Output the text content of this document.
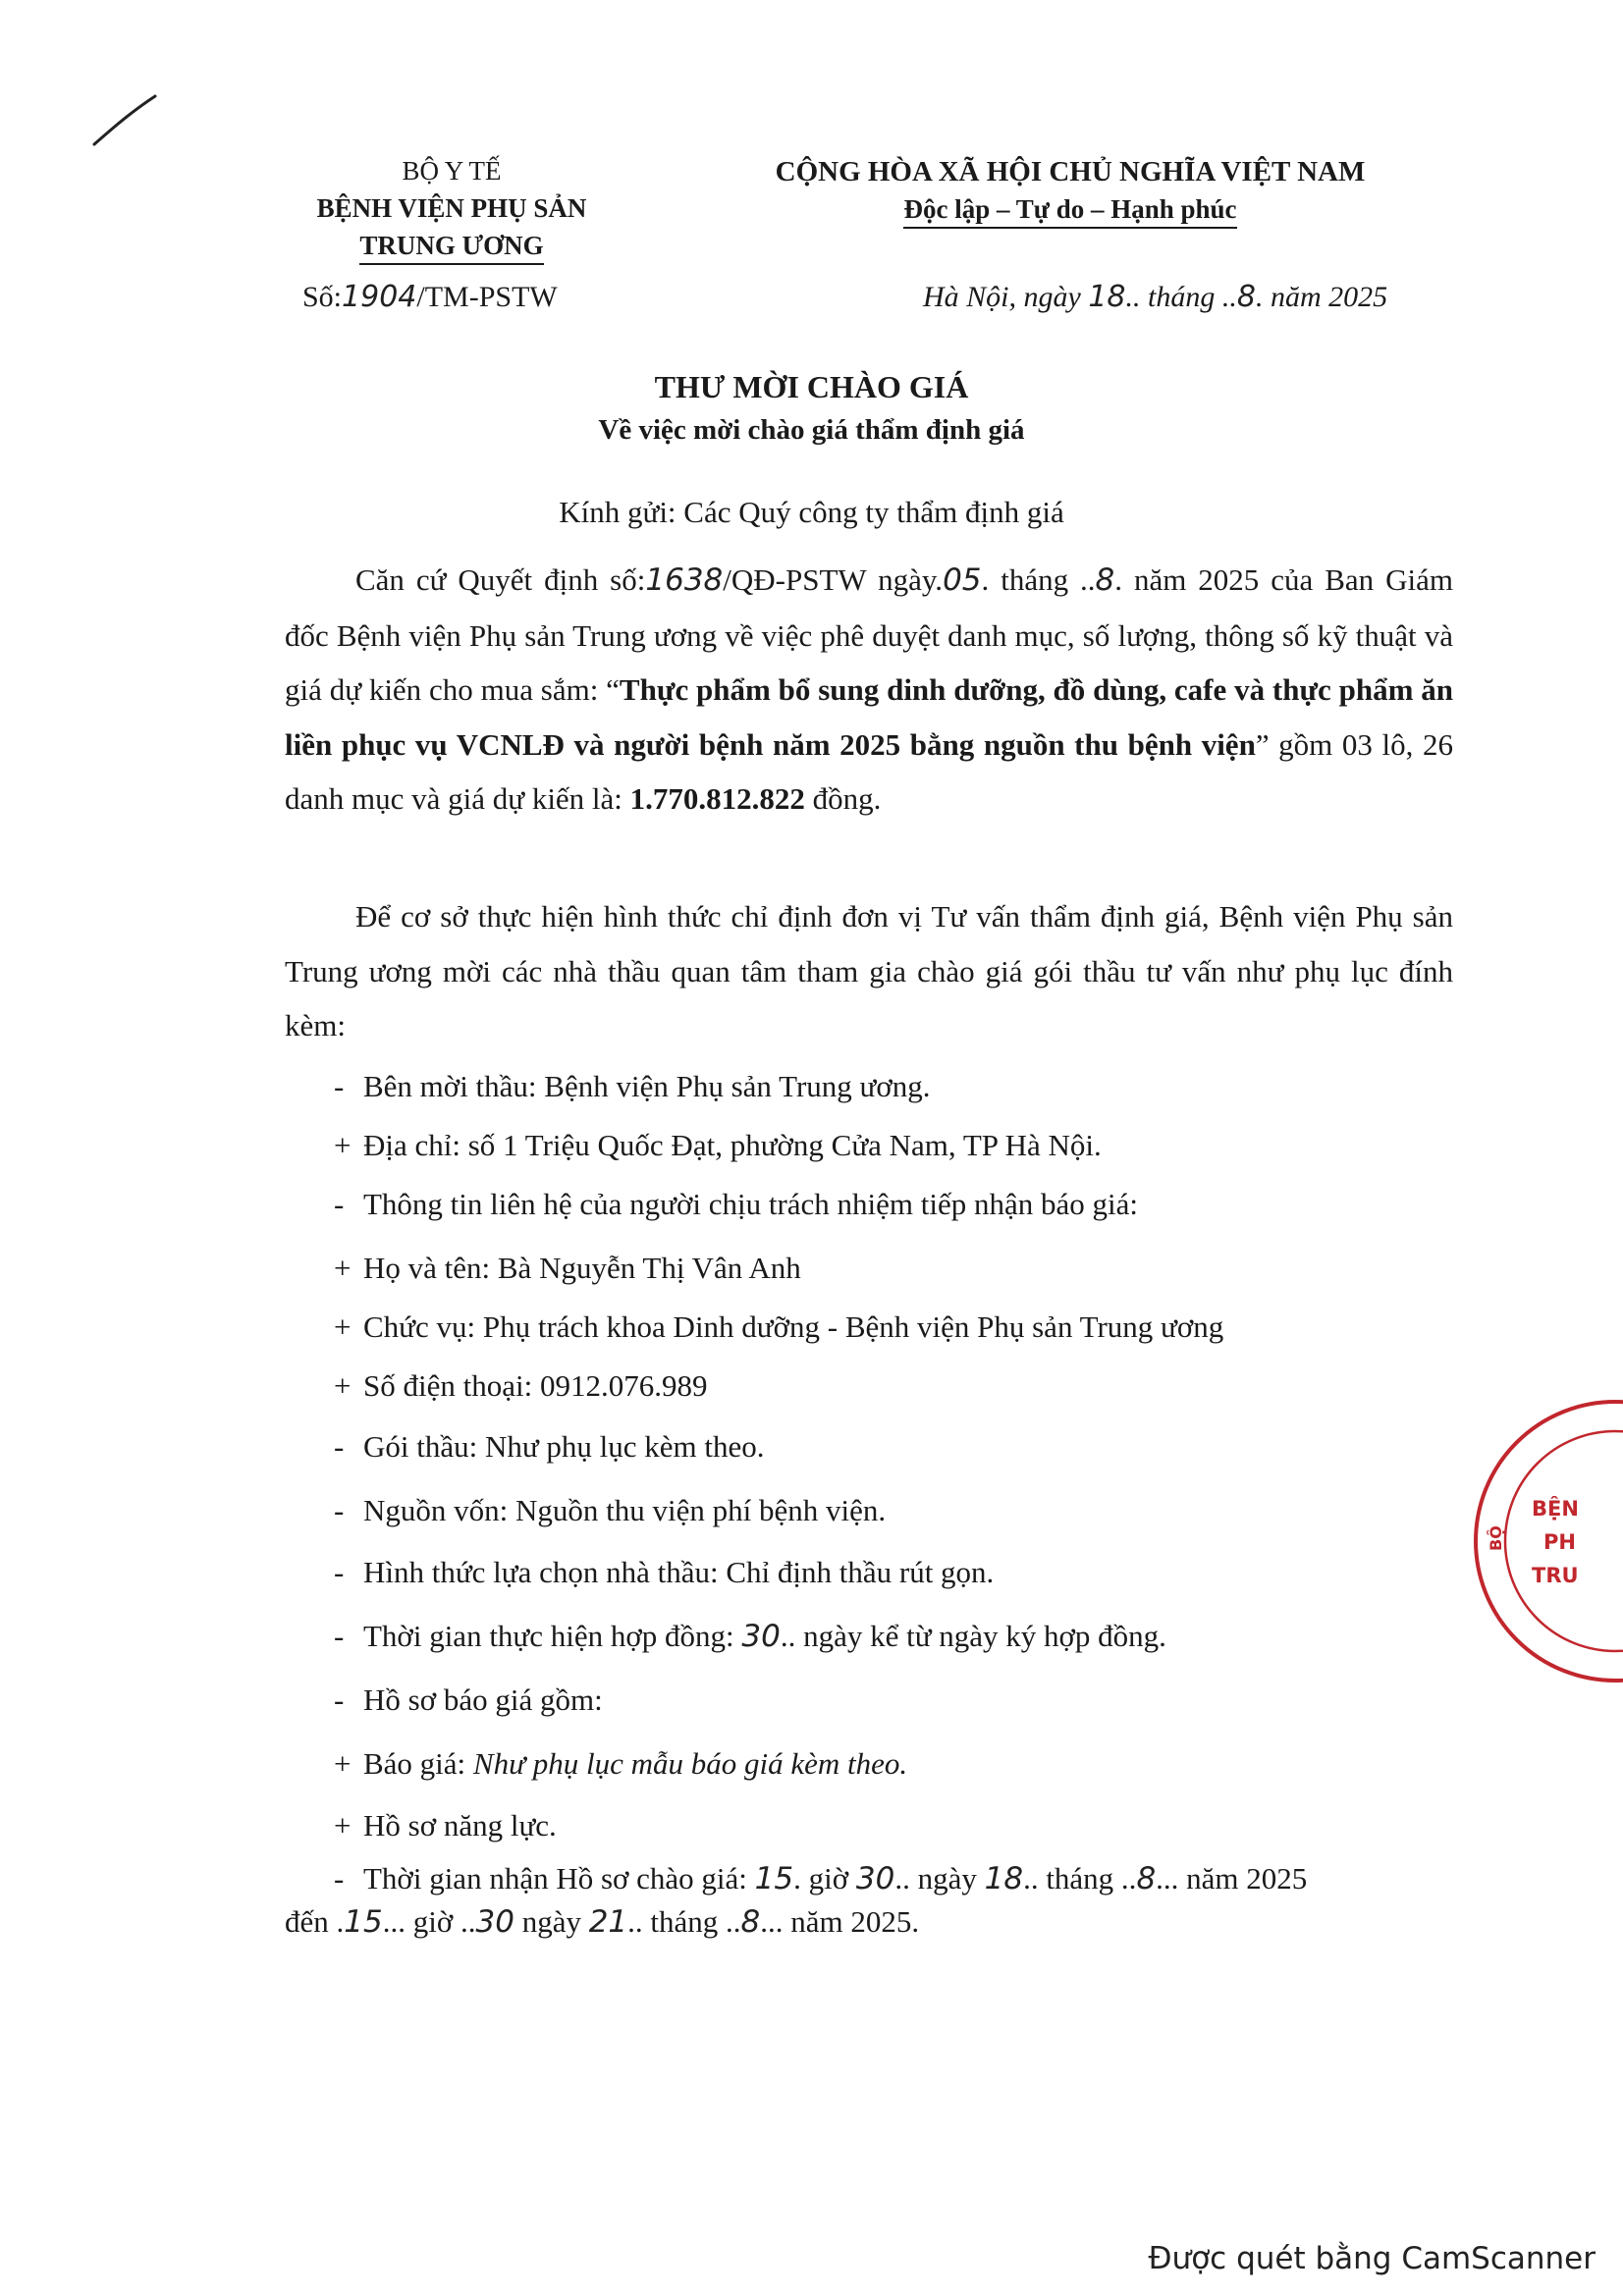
BỘ Y TẾ
BỆNH VIỆN PHỤ SẢN
TRUNG ƯƠNG
CỘNG HÒA XÃ HỘI CHỦ NGHĨA VIỆT NAM
Độc lập – Tự do – Hạnh phúc
Số:1904/TM-PSTW	Hà Nội, ngày 18.. tháng ..8. năm 2025
THƯ MỜI CHÀO GIÁ
Về việc mời chào giá thẩm định giá
Kính gửi: Các Quý công ty thẩm định giá
Căn cứ Quyết định số:1638/QĐ-PSTW ngày.05. tháng ..8. năm 2025 của Ban Giám đốc Bệnh viện Phụ sản Trung ương về việc phê duyệt danh mục, số lượng, thông số kỹ thuật và giá dự kiến cho mua sắm: “Thực phẩm bổ sung dinh dưỡng, đồ dùng, cafe và thực phẩm ăn liền phục vụ VCNLĐ và người bệnh năm 2025 bằng nguồn thu bệnh viện” gồm 03 lô, 26 danh mục và giá dự kiến là: 1.770.812.822 đồng.
Để cơ sở thực hiện hình thức chỉ định đơn vị Tư vấn thẩm định giá, Bệnh viện Phụ sản Trung ương mời các nhà thầu quan tâm tham gia chào giá gói thầu tư vấn như phụ lục đính kèm:
- Bên mời thầu: Bệnh viện Phụ sản Trung ương.
+ Địa chỉ: số 1 Triệu Quốc Đạt, phường Cửa Nam, TP Hà Nội.
- Thông tin liên hệ của người chịu trách nhiệm tiếp nhận báo giá:
+ Họ và tên: Bà Nguyễn Thị Vân Anh
+ Chức vụ: Phụ trách khoa Dinh dưỡng - Bệnh viện Phụ sản Trung ương
+ Số điện thoại: 0912.076.989
- Gói thầu: Như phụ lục kèm theo.
- Nguồn vốn: Nguồn thu viện phí bệnh viện.
- Hình thức lựa chọn nhà thầu: Chỉ định thầu rút gọn.
- Thời gian thực hiện hợp đồng: 30.. ngày kể từ ngày ký hợp đồng.
- Hồ sơ báo giá gồm:
+ Báo giá: Như phụ lục mẫu báo giá kèm theo.
+ Hồ sơ năng lực.
- Thời gian nhận Hồ sơ chào giá: 15. giờ 30.. ngày 18.. tháng ..8... năm 2025
đến .15... giờ ..30 ngày 21.. tháng ..8... năm 2025.
BỘ
BỆN
PH
TRU
Được quét bằng CamScanner
